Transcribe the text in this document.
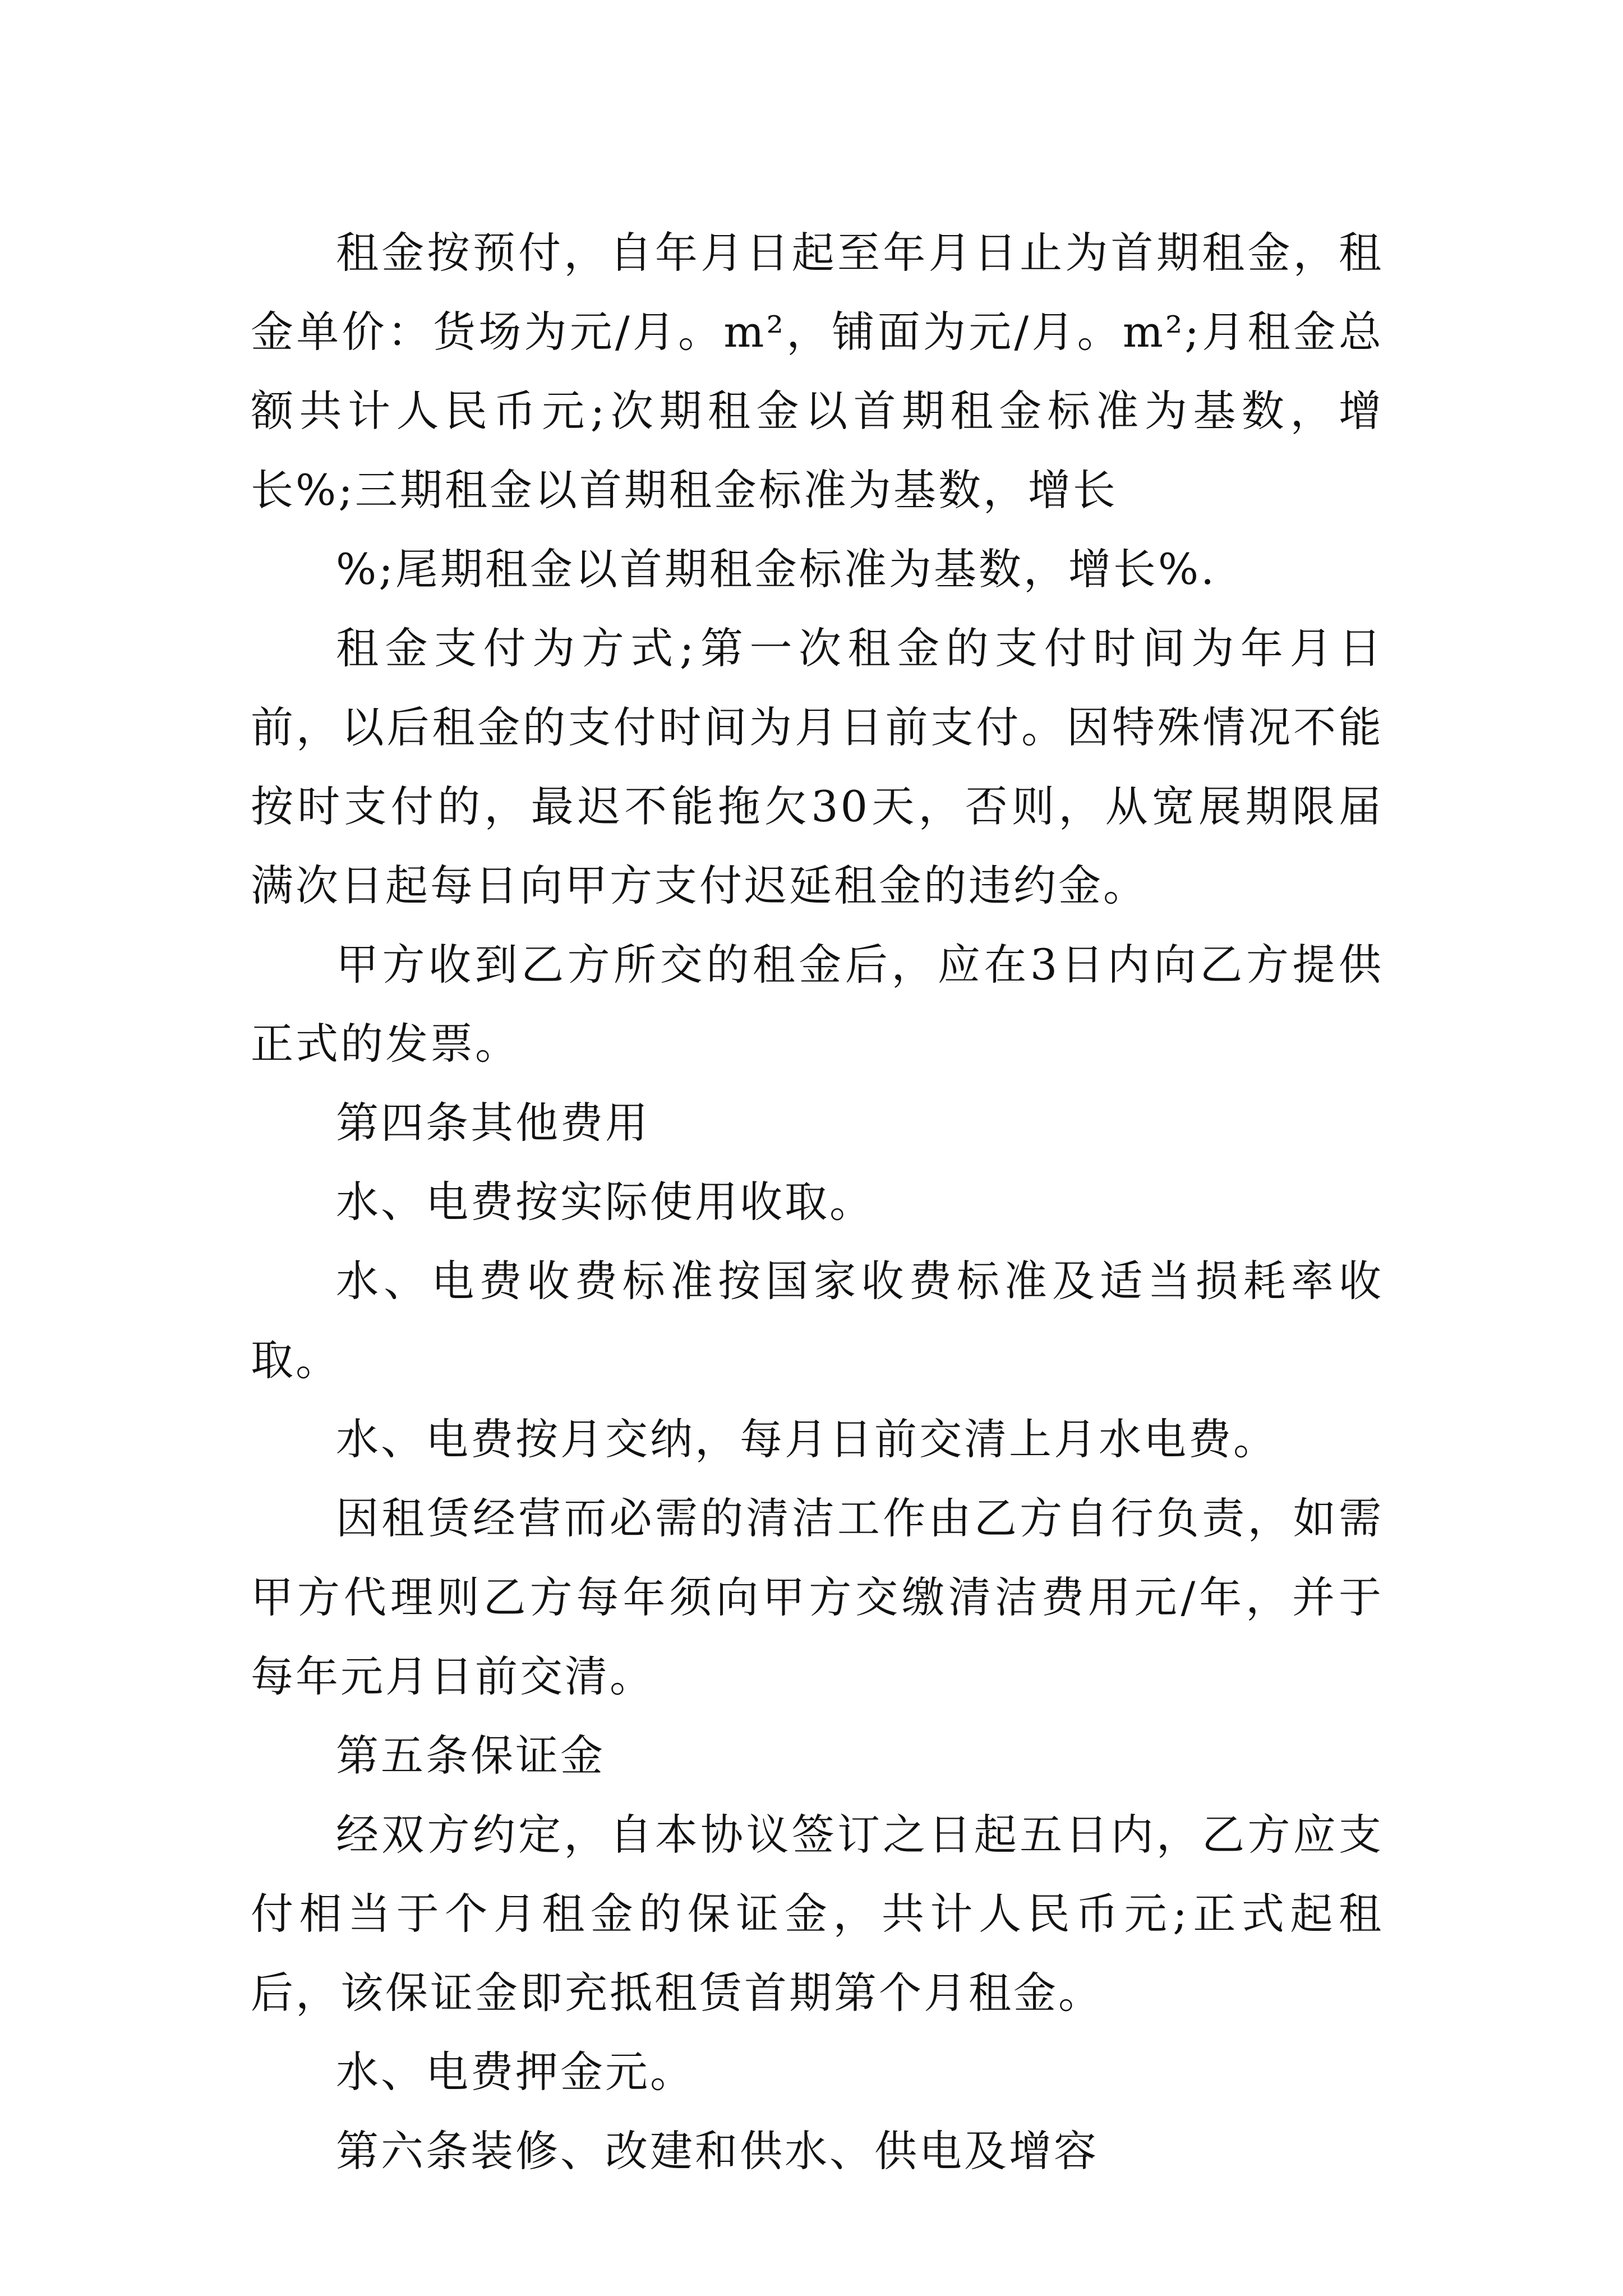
租金按预付，自年月日起至年月日止为首期租金，租金单价：货场为元/月。m²，铺面为元/月。m²;月租金总额共计人民币元;次期租金以首期租金标准为基数，增长%;三期租金以首期租金标准为基数，增长

%;尾期租金以首期租金标准为基数，增长%.

租金支付为方式;第一次租金的支付时间为年月日前，以后租金的支付时间为月日前支付。因特殊情况不能按时支付的，最迟不能拖欠30天，否则，从宽展期限届满次日起每日向甲方支付迟延租金的违约金。

甲方收到乙方所交的租金后，应在3日内向乙方提供正式的发票。

第四条其他费用

水、电费按实际使用收取。

水、电费收费标准按国家收费标准及适当损耗率收取。

水、电费按月交纳，每月日前交清上月水电费。

因租赁经营而必需的清洁工作由乙方自行负责，如需甲方代理则乙方每年须向甲方交缴清洁费用元/年，并于每年元月日前交清。

第五条保证金

经双方约定，自本协议签订之日起五日内，乙方应支付相当于个月租金的保证金，共计人民币元;正式起租后，该保证金即充抵租赁首期第个月租金。

水、电费押金元。

第六条装修、改建和供水、供电及增容
